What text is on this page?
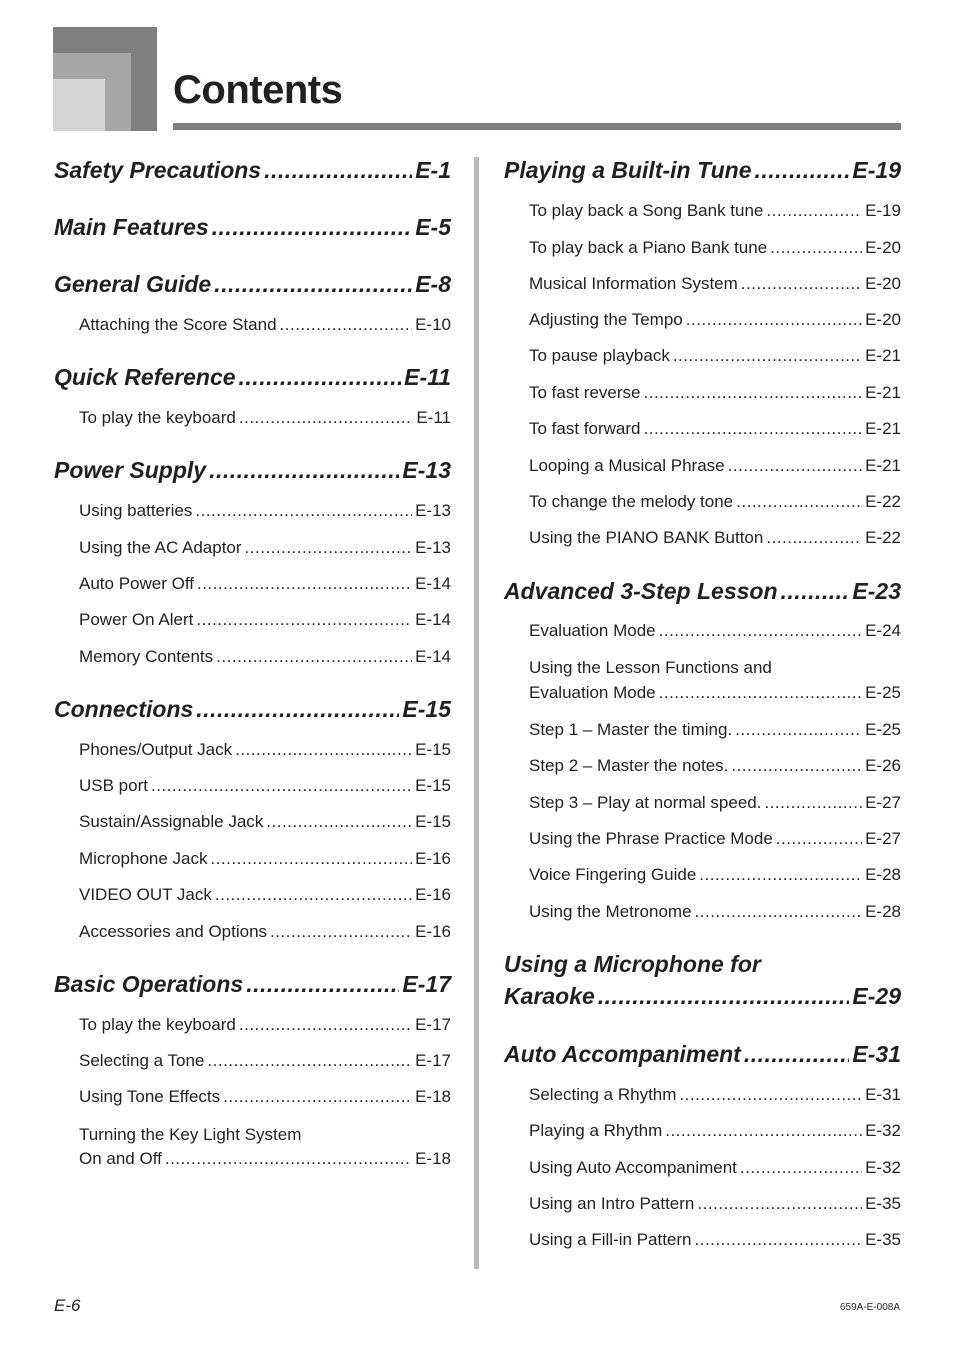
Contents
Safety Precautions .....	E-1
Main Features .....	E-5
General Guide .....	E-8
Attaching the Score Stand .....	E-10
Quick Reference .....	E-11
To play the keyboard .....	E-11
Power Supply .....	E-13
Using batteries .....	E-13
Using the AC Adaptor .....	E-13
Auto Power Off .....	E-14
Power On Alert .....	E-14
Memory Contents .....	E-14
Connections .....	E-15
Phones/Output Jack .....	E-15
USB port .....	E-15
Sustain/Assignable Jack .....	E-15
Microphone Jack .....	E-16
VIDEO OUT Jack .....	E-16
Accessories and Options .....	E-16
Basic Operations .....	E-17
To play the keyboard .....	E-17
Selecting a Tone .....	E-17
Using Tone Effects .....	E-18
Turning the Key Light System
On and Off .....	E-18
Playing a Built-in Tune .....	E-19
To play back a Song Bank tune .....	E-19
To play back a Piano Bank tune .....	E-20
Musical Information System .....	E-20
Adjusting the Tempo .....	E-20
To pause playback .....	E-21
To fast reverse .....	E-21
To fast forward .....	E-21
Looping a Musical Phrase .....	E-21
To change the melody tone .....	E-22
Using the PIANO BANK Button .....	E-22
Advanced 3-Step Lesson .....	E-23
Evaluation Mode .....	E-24
Using the Lesson Functions and
Evaluation Mode .....	E-25
Step 1 – Master the timing. .....	E-25
Step 2 – Master the notes. .....	E-26
Step 3 – Play at normal speed. .....	E-27
Using the Phrase Practice Mode .....	E-27
Voice Fingering Guide .....	E-28
Using the Metronome .....	E-28
Using a Microphone for
Karaoke .....	E-29
Auto Accompaniment .....	E-31
Selecting a Rhythm .....	E-31
Playing a Rhythm .....	E-32
Using Auto Accompaniment .....	E-32
Using an Intro Pattern .....	E-35
Using a Fill-in Pattern .....	E-35
E-6	659A-E-008A
